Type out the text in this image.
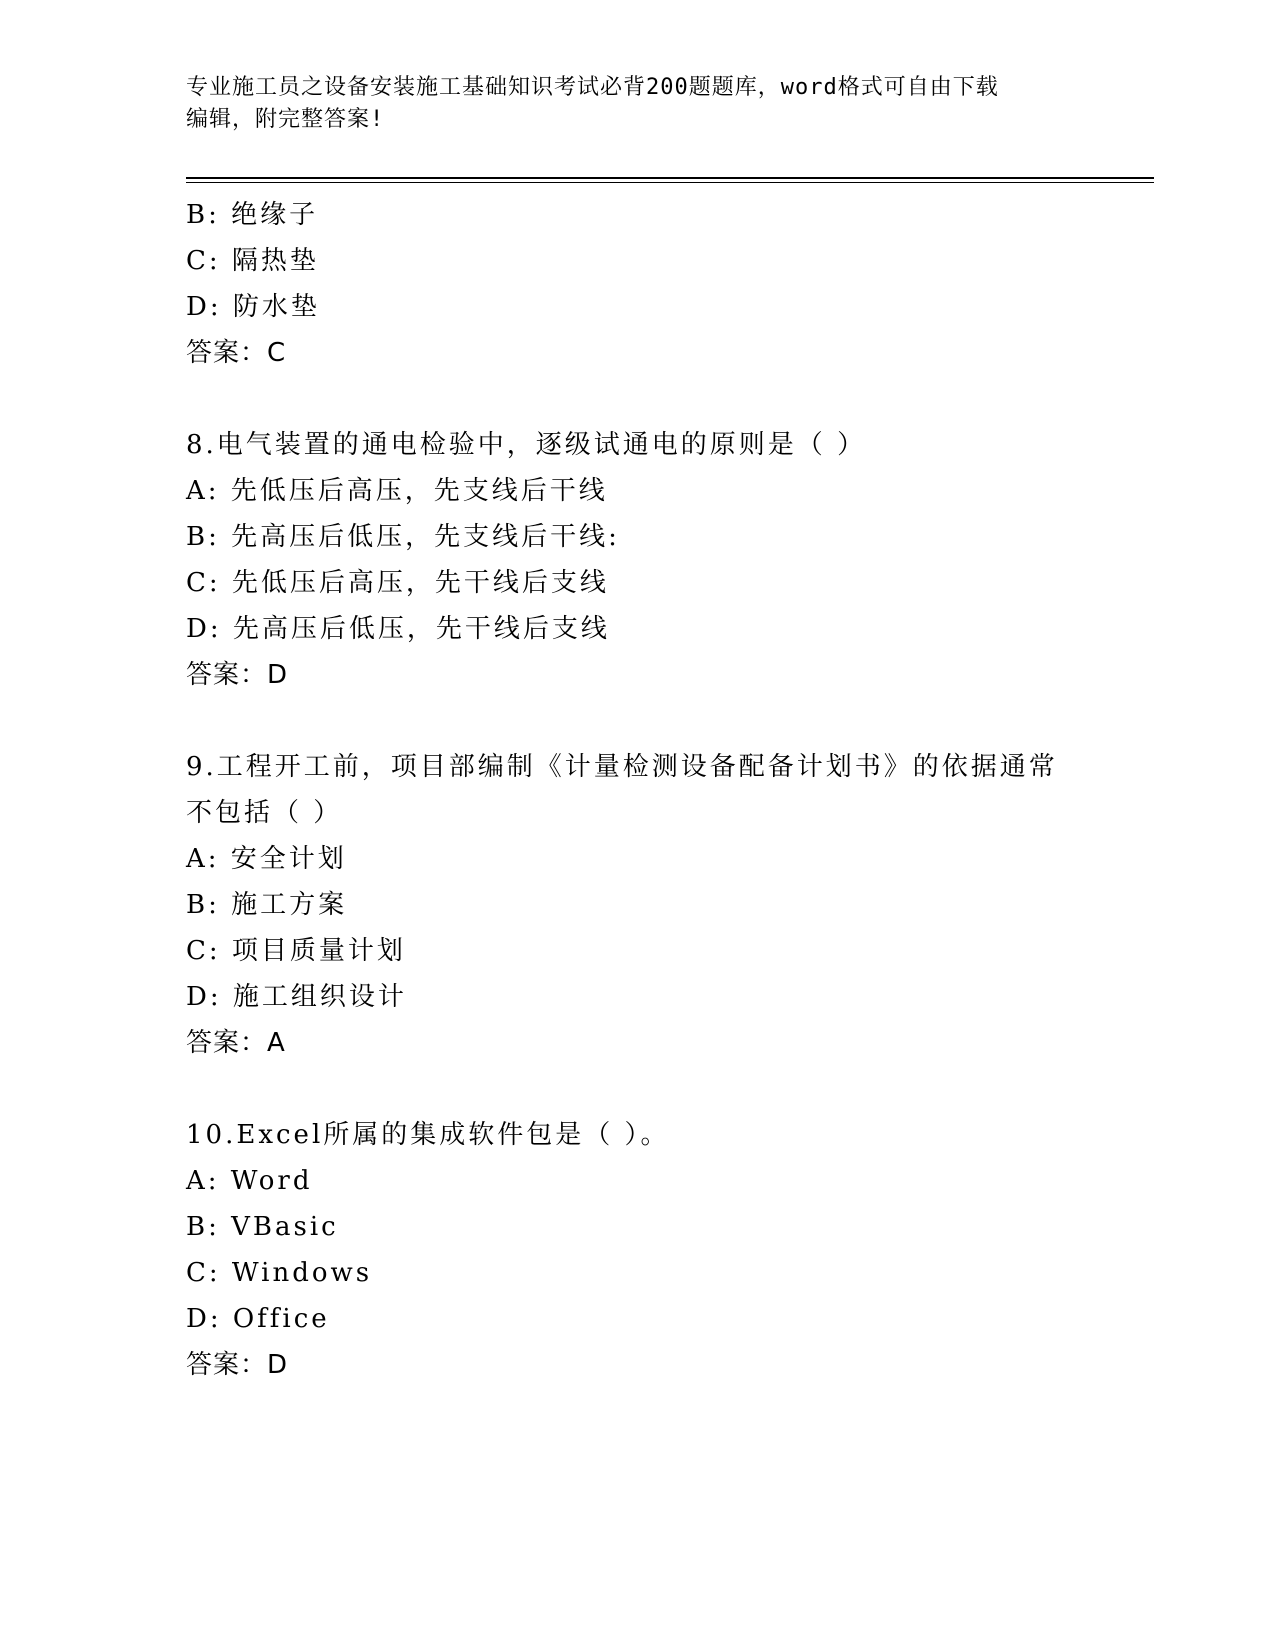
专业施工员之设备安装施工基础知识考试必背200题题库，word格式可自由下载
编辑，附完整答案!
B: 绝缘子
C: 隔热垫
D: 防水垫
答案：C
8.电气装置的通电检验中，逐级试通电的原则是（ ）
A: 先低压后高压，先支线后干线
B: 先高压后低压，先支线后干线:
C: 先低压后高压，先干线后支线
D: 先高压后低压，先干线后支线
答案：D
9.工程开工前，项目部编制《计量检测设备配备计划书》的依据通常
不包括（ ）
A: 安全计划
B: 施工方案
C: 项目质量计划
D: 施工组织设计
答案：A
10.Excel所属的集成软件包是（ ）。
A: Word
B: VBasic
C: Windows
D: Office
答案：D
